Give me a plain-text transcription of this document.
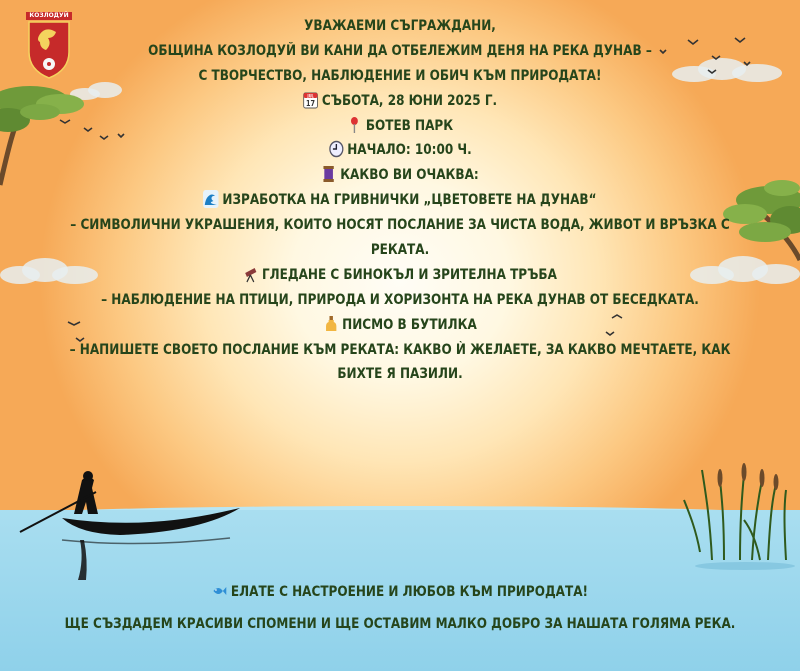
КОЗЛОДУЙ
УВАЖАЕМИ СЪГРАЖДАНИ,
ОБЩИНА КОЗЛОДУЙ ВИ КАНИ ДА ОТБЕЛЕЖИМ ДЕНЯ НА РЕКА ДУНАВ –
С ТВОРЧЕСТВО, НАБЛЮДЕНИЕ И ОБИЧ КЪМ ПРИРОДАТА!
JUL
17 СЪБОТА, 28 ЮНИ 2025 Г.
БОТЕВ ПАРК
НАЧАЛО: 10:00 Ч.
КАКВО ВИ ОЧАКВА:
ИЗРАБОТКА НА ГРИВНИЧКИ „ЦВЕТОВЕТЕ НА ДУНАВ“
– СИМВОЛИЧНИ УКРАШЕНИЯ, КОИТО НОСЯТ ПОСЛАНИЕ ЗА ЧИСТА ВОДА, ЖИВОТ И ВРЪЗКА С
РЕКАТА.
ГЛЕДАНЕ С БИНОКЪЛ И ЗРИТЕЛНА ТРЪБА
– НАБЛЮДЕНИЕ НА ПТИЦИ, ПРИРОДА И ХОРИЗОНТА НА РЕКА ДУНАВ ОТ БЕСЕДКАТА.
ПИСМО В БУТИЛКА
– НАПИШЕТЕ СВОЕТО ПОСЛАНИЕ КЪМ РЕКАТА: КАКВО Ѝ ЖЕЛАЕТЕ, ЗА КАКВО МЕЧТАЕТЕ, КАК
БИХТЕ Я ПАЗИЛИ.
ЕЛАТЕ С НАСТРОЕНИЕ И ЛЮБОВ КЪМ ПРИРОДАТА!
ЩЕ СЪЗДАДЕМ КРАСИВИ СПОМЕНИ И ЩЕ ОСТАВИМ МАЛКО ДОБРО ЗА НАШАТА ГОЛЯМА РЕКА.
